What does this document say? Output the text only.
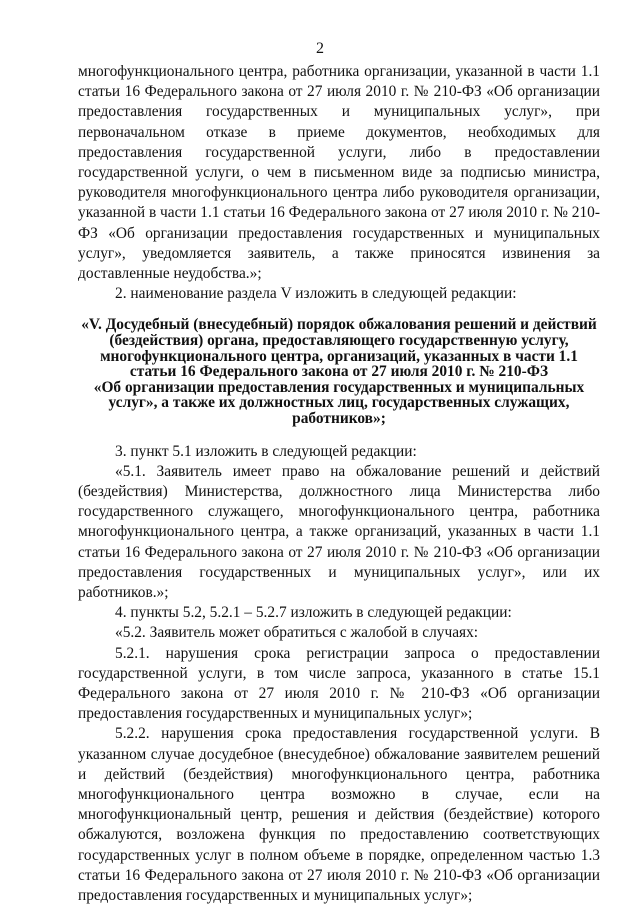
2

многофункционального центра, работника организации, указанной в части 1.1 статьи 16 Федерального закона от 27 июля 2010 г. № 210-ФЗ «Об организации предоставления государственных и муниципальных услуг», при первоначальном отказе в приеме документов, необходимых для предоставления государственной услуги, либо в предоставлении государственной услуги, о чем в письменном виде за подписью министра, руководителя многофункционального центра либо руководителя организации, указанной в части 1.1 статьи 16 Федерального закона от 27 июля 2010 г. № 210-ФЗ «Об организации предоставления государственных и муниципальных услуг», уведомляется заявитель, а также приносятся извинения за доставленные неудобства.»;

2. наименование раздела V изложить в следующей редакции:

«V. Досудебный (внесудебный) порядок обжалования решений и действий
(бездействия) органа, предоставляющего государственную услугу,
многофункционального центра, организаций, указанных в части 1.1
статьи 16 Федерального закона от 27 июля 2010 г. № 210-ФЗ
«Об организации предоставления государственных и муниципальных
услуг», а также их должностных лиц, государственных служащих,
работников»;

3. пункт 5.1 изложить в следующей редакции:

«5.1. Заявитель имеет право на обжалование решений и действий (бездействия) Министерства, должностного лица Министерства либо государственного служащего, многофункционального центра, работника многофункционального центра, а также организаций, указанных в части 1.1 статьи 16 Федерального закона от 27 июля 2010 г. № 210-ФЗ «Об организации предоставления государственных и муниципальных услуг», или их работников.»;

4. пункты 5.2, 5.2.1 – 5.2.7 изложить в следующей редакции:

«5.2. Заявитель может обратиться с жалобой в случаях:

5.2.1. нарушения срока регистрации запроса о предоставлении государственной услуги, в том числе запроса, указанного в статье 15.1 Федерального закона от 27 июля 2010 г. № 210-ФЗ «Об организации предоставления государственных и муниципальных услуг»;

5.2.2. нарушения срока предоставления государственной услуги. В указанном случае досудебное (внесудебное) обжалование заявителем решений и действий (бездействия) многофункционального центра, работника многофункционального центра возможно в случае, если на многофункциональный центр, решения и действия (бездействие) которого обжалуются, возложена функция по предоставлению соответствующих государственных услуг в полном объеме в порядке, определенном частью 1.3 статьи 16 Федерального закона от 27 июля 2010 г. № 210-ФЗ «Об организации предоставления государственных и муниципальных услуг»;
